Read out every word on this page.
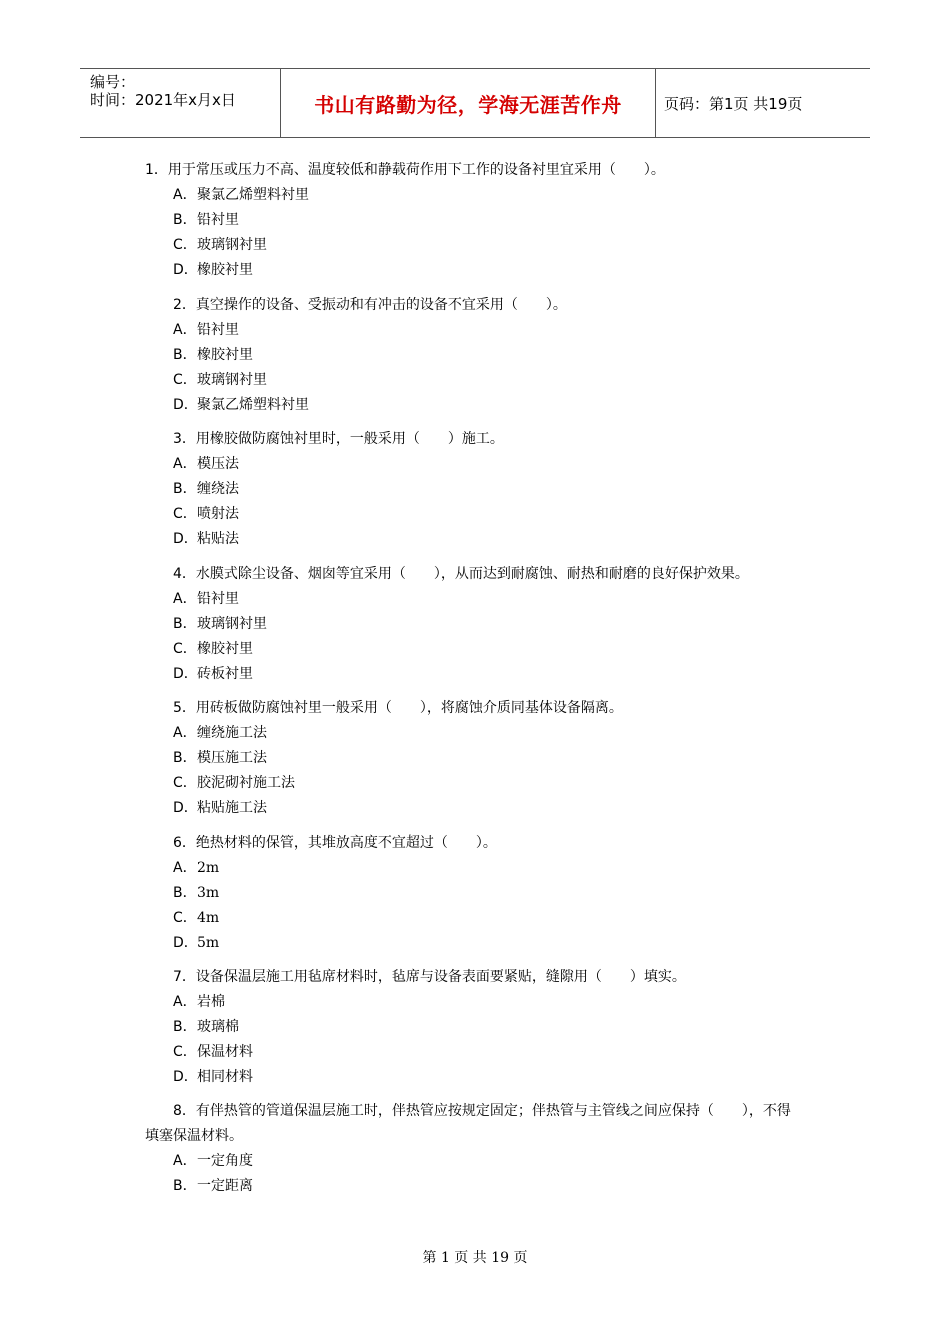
编号：
时间：2021年x月x日	书山有路勤为径，学海无涯苦作舟	页码：第1页 共19页
1．用于常压或压力不高、温度较低和静载荷作用下工作的设备衬里宜采用（　　）。
A．聚氯乙烯塑料衬里
B．铅衬里
C．玻璃钢衬里
D．橡胶衬里
2．真空操作的设备、受振动和有冲击的设备不宜采用（　　）。
A．铅衬里
B．橡胶衬里
C．玻璃钢衬里
D．聚氯乙烯塑料衬里
3．用橡胶做防腐蚀衬里时，一般采用（　　）施工。
A．模压法
B．缠绕法
C．喷射法
D．粘贴法
4．水膜式除尘设备、烟囱等宜采用（　　），从而达到耐腐蚀、耐热和耐磨的良好保护效果。
A．铅衬里
B．玻璃钢衬里
C．橡胶衬里
D．砖板衬里
5．用砖板做防腐蚀衬里一般采用（　　），将腐蚀介质同基体设备隔离。
A．缠绕施工法
B．模压施工法
C．胶泥砌衬施工法
D．粘贴施工法
6．绝热材料的保管，其堆放高度不宜超过（　　）。
A．2m
B．3m
C．4m
D．5m
7．设备保温层施工用毡席材料时，毡席与设备表面要紧贴，缝隙用（　　）填实。
A．岩棉
B．玻璃棉
C．保温材料
D．相同材料
8．有伴热管的管道保温层施工时，伴热管应按规定固定；伴热管与主管线之间应保持（　　），不得
填塞保温材料。
A．一定角度
B．一定距离
第 1 页 共 19 页
